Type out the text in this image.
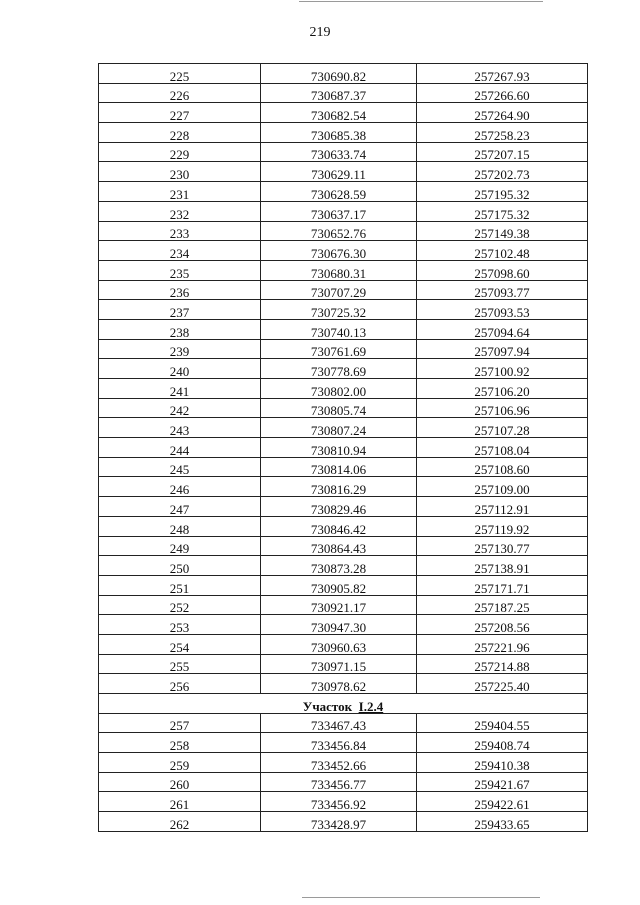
219
225	730690.82	257267.93
226	730687.37	257266.60
227	730682.54	257264.90
228	730685.38	257258.23
229	730633.74	257207.15
230	730629.11	257202.73
231	730628.59	257195.32
232	730637.17	257175.32
233	730652.76	257149.38
234	730676.30	257102.48
235	730680.31	257098.60
236	730707.29	257093.77
237	730725.32	257093.53
238	730740.13	257094.64
239	730761.69	257097.94
240	730778.69	257100.92
241	730802.00	257106.20
242	730805.74	257106.96
243	730807.24	257107.28
244	730810.94	257108.04
245	730814.06	257108.60
246	730816.29	257109.00
247	730829.46	257112.91
248	730846.42	257119.92
249	730864.43	257130.77
250	730873.28	257138.91
251	730905.82	257171.71
252	730921.17	257187.25
253	730947.30	257208.56
254	730960.63	257221.96
255	730971.15	257214.88
256	730978.62	257225.40
Участок I.2.4		
257	733467.43	259404.55
258	733456.84	259408.74
259	733452.66	259410.38
260	733456.77	259421.67
261	733456.92	259422.61
262	733428.97	259433.65
